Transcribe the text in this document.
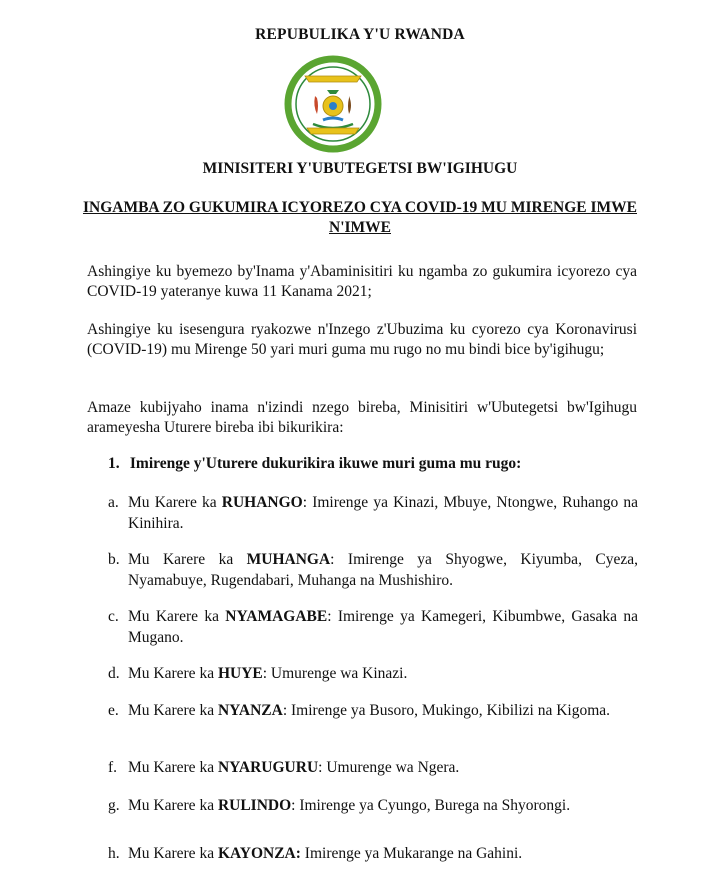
REPUBULIKA Y'U RWANDA
MINISITERI Y'UBUTEGETSI BW'IGIHUGU
INGAMBA ZO GUKUMIRA ICYOREZO CYA COVID-19 MU MIRENGE IMWE N'IMWE
Ashingiye ku byemezo by'Inama y'Abaminisitiri ku ngamba zo gukumira icyorezo cya COVID-19 yateranye kuwa 11 Kanama 2021;
Ashingiye ku isesengura ryakozwe n'Inzego z'Ubuzima ku cyorezo cya Koronavirusi (COVID-19) mu Mirenge 50 yari muri guma mu rugo no mu bindi bice by'igihugu;
Amaze kubijyaho inama n'izindi nzego bireba, Minisitiri w'Ubutegetsi bw'Igihugu arameyesha Uturere bireba ibi bikurikira:
1. Imirenge y'Uturere dukurikira ikuwe muri guma mu rugo:
a. Mu Karere ka RUHANGO: Imirenge ya Kinazi, Mbuye, Ntongwe, Ruhango na Kinihira.
b. Mu Karere ka MUHANGA: Imirenge ya Shyogwe, Kiyumba, Cyeza, Nyamabuye, Rugendabari, Muhanga na Mushishiro.
c. Mu Karere ka NYAMAGABE: Imirenge ya Kamegeri, Kibumbwe, Gasaka na Mugano.
d. Mu Karere ka HUYE: Umurenge wa Kinazi.
e. Mu Karere ka NYANZA: Imirenge ya Busoro, Mukingo, Kibilizi na Kigoma.
f. Mu Karere ka NYARUGURU: Umurenge wa Ngera.
g. Mu Karere ka RULINDO: Imirenge ya Cyungo, Burega na Shyorongi.
h. Mu Karere ka KAYONZA: Imirenge ya Mukarange na Gahini.
